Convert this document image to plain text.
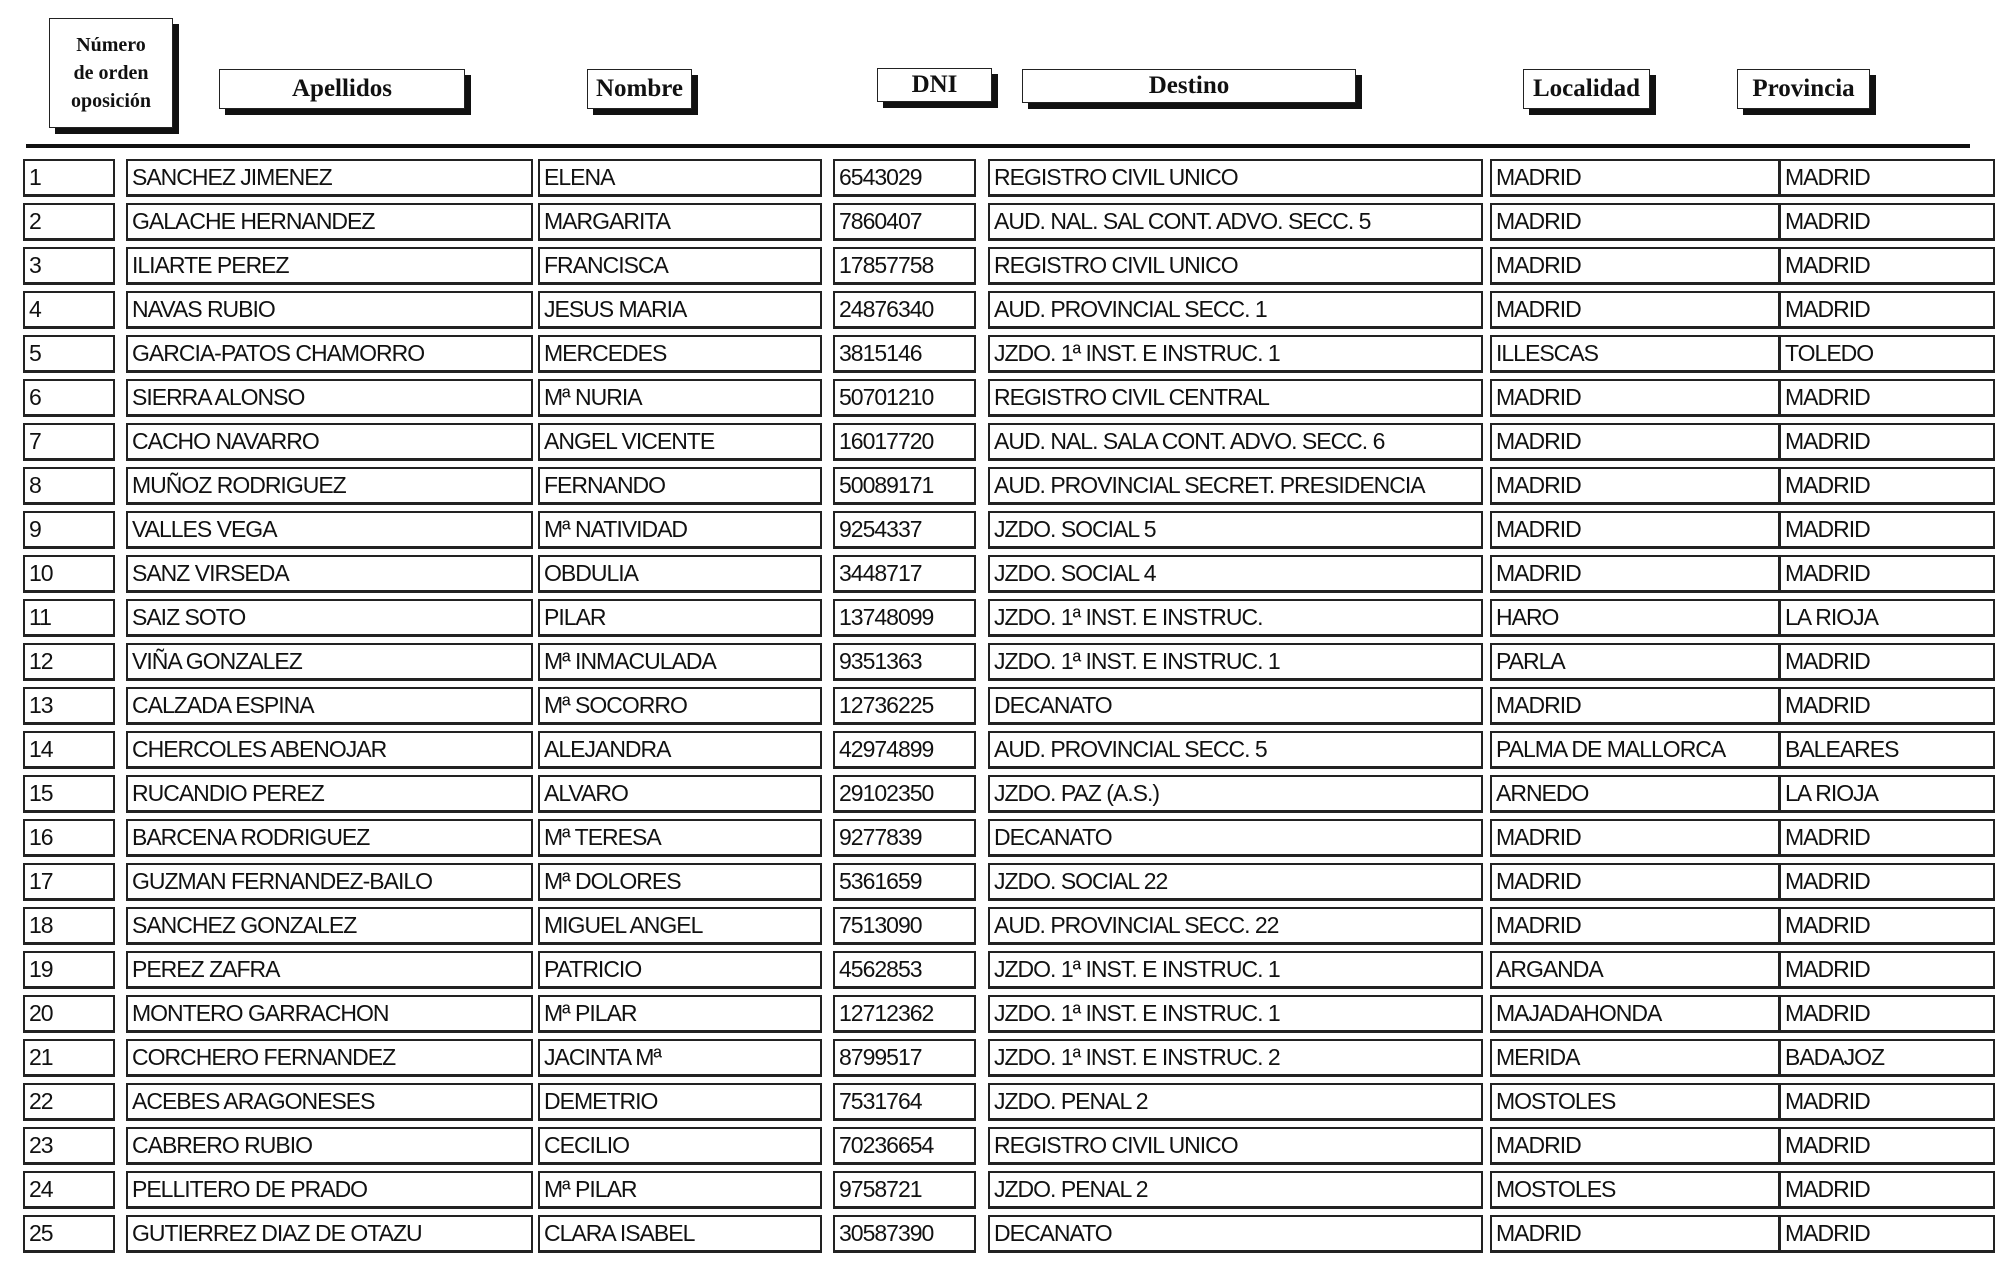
Número
de orden
oposición	Apellidos	Nombre	DNI	Destino	Localidad	Provincia
1	SANCHEZ JIMENEZ	ELENA	6543029	REGISTRO CIVIL UNICO	MADRID	MADRID
2	GALACHE HERNANDEZ	MARGARITA	7860407	AUD. NAL. SAL CONT. ADVO. SECC. 5	MADRID	MADRID
3	ILIARTE PEREZ	FRANCISCA	17857758	REGISTRO CIVIL UNICO	MADRID	MADRID
4	NAVAS RUBIO	JESUS MARIA	24876340	AUD. PROVINCIAL SECC. 1	MADRID	MADRID
5	GARCIA-PATOS CHAMORRO	MERCEDES	3815146	JZDO. 1ª INST. E INSTRUC. 1	ILLESCAS	TOLEDO
6	SIERRA ALONSO	Mª NURIA	50701210	REGISTRO CIVIL CENTRAL	MADRID	MADRID
7	CACHO NAVARRO	ANGEL VICENTE	16017720	AUD. NAL. SALA CONT. ADVO. SECC. 6	MADRID	MADRID
8	MUÑOZ RODRIGUEZ	FERNANDO	50089171	AUD. PROVINCIAL SECRET. PRESIDENCIA	MADRID	MADRID
9	VALLES VEGA	Mª NATIVIDAD	9254337	JZDO. SOCIAL 5	MADRID	MADRID
10	SANZ VIRSEDA	OBDULIA	3448717	JZDO. SOCIAL 4	MADRID	MADRID
11	SAIZ SOTO	PILAR	13748099	JZDO. 1ª INST. E INSTRUC.	HARO	LA RIOJA
12	VIÑA GONZALEZ	Mª INMACULADA	9351363	JZDO. 1ª INST. E INSTRUC. 1	PARLA	MADRID
13	CALZADA ESPINA	Mª SOCORRO	12736225	DECANATO	MADRID	MADRID
14	CHERCOLES ABENOJAR	ALEJANDRA	42974899	AUD. PROVINCIAL SECC. 5	PALMA DE MALLORCA	BALEARES
15	RUCANDIO PEREZ	ALVARO	29102350	JZDO. PAZ (A.S.)	ARNEDO	LA RIOJA
16	BARCENA RODRIGUEZ	Mª TERESA	9277839	DECANATO	MADRID	MADRID
17	GUZMAN FERNANDEZ-BAILO	Mª DOLORES	5361659	JZDO. SOCIAL 22	MADRID	MADRID
18	SANCHEZ GONZALEZ	MIGUEL ANGEL	7513090	AUD. PROVINCIAL SECC. 22	MADRID	MADRID
19	PEREZ ZAFRA	PATRICIO	4562853	JZDO. 1ª INST. E INSTRUC. 1	ARGANDA	MADRID
20	MONTERO GARRACHON	Mª PILAR	12712362	JZDO. 1ª INST. E INSTRUC. 1	MAJADAHONDA	MADRID
21	CORCHERO FERNANDEZ	JACINTA Mª	8799517	JZDO. 1ª INST. E INSTRUC. 2	MERIDA	BADAJOZ
22	ACEBES ARAGONESES	DEMETRIO	7531764	JZDO. PENAL 2	MOSTOLES	MADRID
23	CABRERO RUBIO	CECILIO	70236654	REGISTRO CIVIL UNICO	MADRID	MADRID
24	PELLITERO DE PRADO	Mª PILAR	9758721	JZDO. PENAL 2	MOSTOLES	MADRID
25	GUTIERREZ DIAZ DE OTAZU	CLARA ISABEL	30587390	DECANATO	MADRID	MADRID
